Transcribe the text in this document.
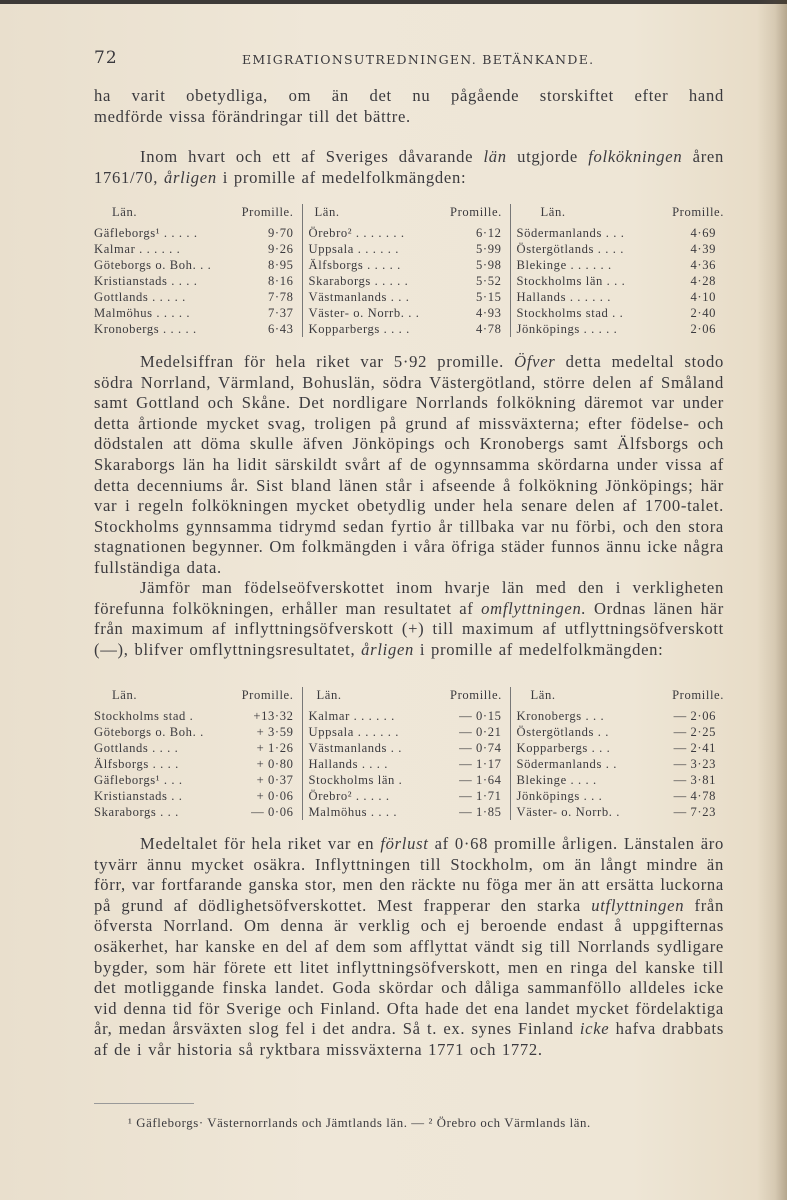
72	EMIGRATIONSUTREDNINGEN. BETÄNKANDE.

ha varit obetydliga, om än det nu pågående storskiftet efter hand

medförde vissa förändringar till det bättre.

Inom hvart och ett af Sveriges dåvarande län utgjorde folkökningen åren 1761/70, årligen i promille af medelfolkmängden:

Län.	Promille.	Län.	Promille.	Län.	Promille.
Gäfleborgs¹ . . . . .	9·70	Örebro² . . . . . . .	6·12	Södermanlands . . .	4·69
Kalmar . . . . . .	9·26	Uppsala . . . . . .	5·99	Östergötlands . . . .	4·39
Göteborgs o. Boh. . .	8·95	Älfsborgs . . . . .	5·98	Blekinge . . . . . .	4·36
Kristianstads . . . .	8·16	Skaraborgs . . . . .	5·52	Stockholms län . . .	4·28
Gottlands . . . . .	7·78	Västmanlands . . .	5·15	Hallands . . . . . .	4·10
Malmöhus . . . . .	7·37	Väster- o. Norrb. . .	4·93	Stockholms stad . .	2·40
Kronobergs . . . . .	6·43	Kopparbergs . . . .	4·78	Jönköpings . . . . .	2·06

Medelsiffran för hela riket var 5·92 promille. Öfver detta medeltal stodo södra Norrland, Värmland, Bohuslän, södra Västergötland, större delen af Småland samt Gottland och Skåne. Det nordligare Norrlands folkökning däremot var under detta årtionde mycket svag, troligen på grund af missväxterna; efter födelse- och dödstalen att döma skulle äfven Jönköpings och Kronobergs samt Älfsborgs och Skaraborgs län ha lidit särskildt svårt af de ogynnsamma skördarna under vissa af detta decenniums år. Sist bland länen står i afseende å folkökning Jönköpings; här var i regeln folkökningen mycket obetydlig under hela senare delen af 1700-talet. Stockholms gynnsamma tidrymd sedan fyrtio år tillbaka var nu förbi, och den stora stagnationen begynner. Om folkmängden i våra öfriga städer funnos ännu icke några fullständiga data.

Jämför man födelseöfverskottet inom hvarje län med den i verkligheten förefunna folkökningen, erhåller man resultatet af omflyttningen. Ordnas länen här från maximum af inflyttningsöfverskott (+) till maximum af utflyttningsöfverskott (—), blifver omflyttningsresultatet, årligen i promille af medelfolkmängden:

Län.	Promille.	Län.	Promille.	Län.	Promille.
Stockholms stad .	+13·32	Kalmar . . . . . .	— 0·15	Kronobergs . . .	— 2·06
Göteborgs o. Boh. .	+ 3·59	Uppsala . . . . . .	— 0·21	Östergötlands . .	— 2·25
Gottlands . . . .	+ 1·26	Västmanlands . .	— 0·74	Kopparbergs . . .	— 2·41
Älfsborgs . . . .	+ 0·80	Hallands . . . .	— 1·17	Södermanlands . .	— 3·23
Gäfleborgs¹ . . .	+ 0·37	Stockholms län .	— 1·64	Blekinge . . . .	— 3·81
Kristianstads . .	+ 0·06	Örebro² . . . . .	— 1·71	Jönköpings . . .	— 4·78
Skaraborgs . . .	— 0·06	Malmöhus . . . .	— 1·85	Väster- o. Norrb. .	— 7·23

Medeltalet för hela riket var en förlust af 0·68 promille årligen. Länstalen äro tyvärr ännu mycket osäkra. Inflyttningen till Stockholm, om än långt mindre än förr, var fortfarande ganska stor, men den räckte nu föga mer än att ersätta luckorna på grund af dödlighetsöfverskottet. Mest frapperar den starka utflyttningen från öfversta Norrland. Om denna är verklig och ej beroende endast å uppgifternas osäkerhet, har kanske en del af dem som afflyttat vändt sig till Norrlands sydligare bygder, som här förete ett litet inflyttningsöfverskott, men en ringa del kanske till det motliggande finska landet. Goda skördar och dåliga sammanföllo alldeles icke vid denna tid för Sverige och Finland. Ofta hade det ena landet mycket fördelaktiga år, medan årsväxten slog fel i det andra. Så t. ex. synes Finland icke hafva drabbats af de i vår historia så ryktbara missväxterna 1771 och 1772.

¹ Gäfleborgs· Västernorrlands och Jämtlands län. — ² Örebro och Värmlands län.
